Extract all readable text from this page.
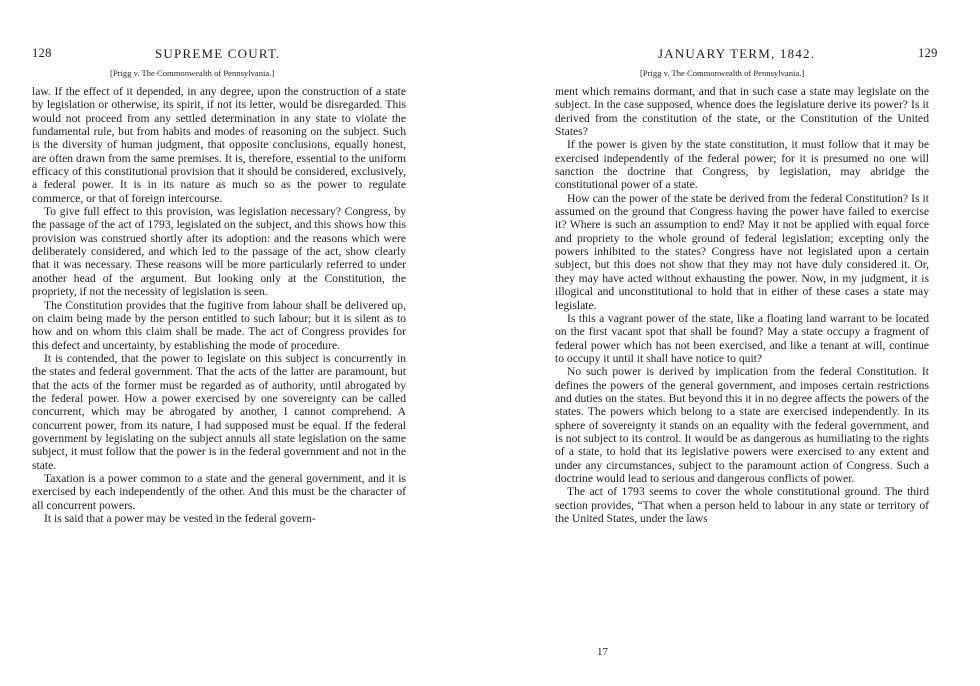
128	SUPREME COURT.
[Prigg v. The Commonwealth of Pennsylvania.]

law. If the effect of it depended, in any degree, upon the construction of a state by legislation or otherwise, its spirit, if not its letter, would be disregarded. This would not proceed from any settled determination in any state to violate the fundamental rule, but from habits and modes of reasoning on the subject. Such is the diversity of human judgment, that opposite conclusions, equally honest, are often drawn from the same premises. It is, therefore, essential to the uniform efficacy of this constitutional provision that it should be considered, exclusively, a federal power. It is in its nature as much so as the power to regulate commerce, or that of foreign intercourse.

To give full effect to this provision, was legislation necessary? Congress, by the passage of the act of 1793, legislated on the subject, and this shows how this provision was construed shortly after its adoption: and the reasons which were deliberately considered, and which led to the passage of the act, show clearly that it was necessary. These reasons will be more particularly referred to under another head of the argument. But looking only at the Constitution, the propriety, if not the necessity of legislation is seen.

The Constitution provides that the fugitive from labour shall be delivered up, on claim being made by the person entitled to such labour; but it is silent as to how and on whom this claim shall be made. The act of Congress provides for this defect and uncertainty, by establishing the mode of procedure.

It is contended, that the power to legislate on this subject is concurrently in the states and federal government. That the acts of the latter are paramount, but that the acts of the former must be regarded as of authority, until abrogated by the federal power. How a power exercised by one sovereignty can be called concurrent, which may be abrogated by another, I cannot comprehend. A concurrent power, from its nature, I had supposed must be equal. If the federal government by legislating on the subject annuls all state legislation on the same subject, it must follow that the power is in the federal government and not in the state.

Taxation is a power common to a state and the general government, and it is exercised by each independently of the other. And this must be the character of all concurrent powers.

It is said that a power may be vested in the federal govern-

JANUARY TERM, 1842.	129
[Prigg v. The Commonwealth of Pennsylvania.]

ment which remains dormant, and that in such case a state may legislate on the subject. In the case supposed, whence does the legislature derive its power? Is it derived from the constitution of the state, or the Constitution of the United States?

If the power is given by the state constitution, it must follow that it may be exercised independently of the federal power; for it is presumed no one will sanction the doctrine that Congress, by legislation, may abridge the constitutional power of a state.

How can the power of the state be derived from the federal Constitution? Is it assumed on the ground that Congress having the power have failed to exercise it? Where is such an assumption to end? May it not be applied with equal force and propriety to the whole ground of federal legislation; excepting only the powers inhibited to the states? Congress have not legislated upon a certain subject, but this does not show that they may not have duly considered it. Or, they may have acted without exhausting the power. Now, in my judgment, it is illogical and unconstitutional to hold that in either of these cases a state may legislate.

Is this a vagrant power of the state, like a floating land warrant to be located on the first vacant spot that shall be found? May a state occupy a fragment of federal power which has not been exercised, and like a tenant at will, continue to occupy it until it shall have notice to quit?

No such power is derived by implication from the federal Constitution. It defines the powers of the general government, and imposes certain restrictions and duties on the states. But beyond this it in no degree affects the powers of the states. The powers which belong to a state are exercised independently. In its sphere of sovereignty it stands on an equality with the federal government, and is not subject to its control. It would be as dangerous as humiliating to the rights of a state, to hold that its legislative powers were exercised to any extent and under any circumstances, subject to the paramount action of Congress. Such a doctrine would lead to serious and dangerous conflicts of power.

The act of 1793 seems to cover the whole constitutional ground. The third section provides, “That when a person held to labour in any state or territory of the United States, under the laws

17
